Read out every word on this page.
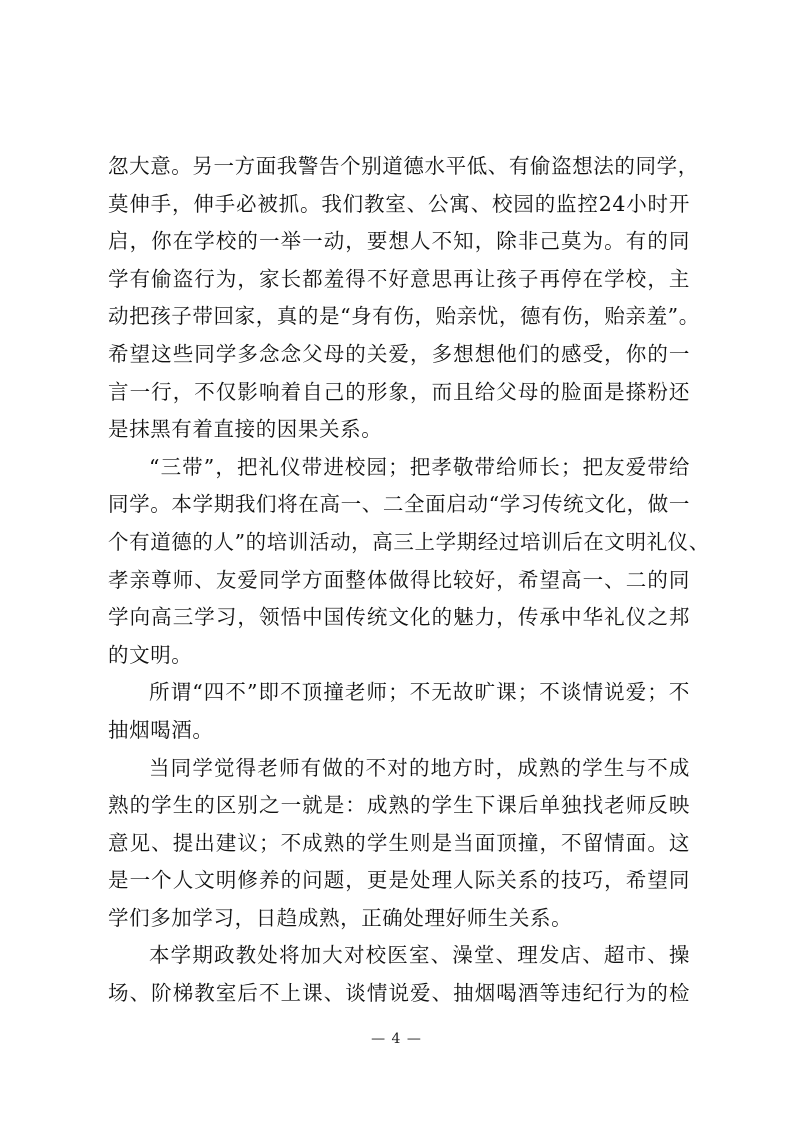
忽大意。另一方面我警告个别道德水平低、有偷盗想法的同学，
莫伸手，伸手必被抓。我们教室、公寓、校园的监控24小时开
启，你在学校的一举一动，要想人不知，除非己莫为。有的同
学有偷盗行为，家长都羞得不好意思再让孩子再停在学校，主
动把孩子带回家，真的是“身有伤，贻亲忧，德有伤，贻亲羞”。
希望这些同学多念念父母的关爱，多想想他们的感受，你的一
言一行，不仅影响着自己的形象，而且给父母的脸面是搽粉还
是抹黑有着直接的因果关系。

“三带”，把礼仪带进校园；把孝敬带给师长；把友爱带给
同学。本学期我们将在高一、二全面启动“学习传统文化，做一
个有道德的人”的培训活动，高三上学期经过培训后在文明礼仪、
孝亲尊师、友爱同学方面整体做得比较好，希望高一、二的同
学向高三学习，领悟中国传统文化的魅力，传承中华礼仪之邦
的文明。

所谓“四不”即不顶撞老师；不无故旷课；不谈情说爱；不
抽烟喝酒。

当同学觉得老师有做的不对的地方时，成熟的学生与不成
熟的学生的区别之一就是：成熟的学生下课后单独找老师反映
意见、提出建议；不成熟的学生则是当面顶撞，不留情面。这
是一个人文明修养的问题，更是处理人际关系的技巧，希望同
学们多加学习，日趋成熟，正确处理好师生关系。

本学期政教处将加大对校医室、澡堂、理发店、超市、操
场、阶梯教室后不上课、谈情说爱、抽烟喝酒等违纪行为的检

— 4 —
